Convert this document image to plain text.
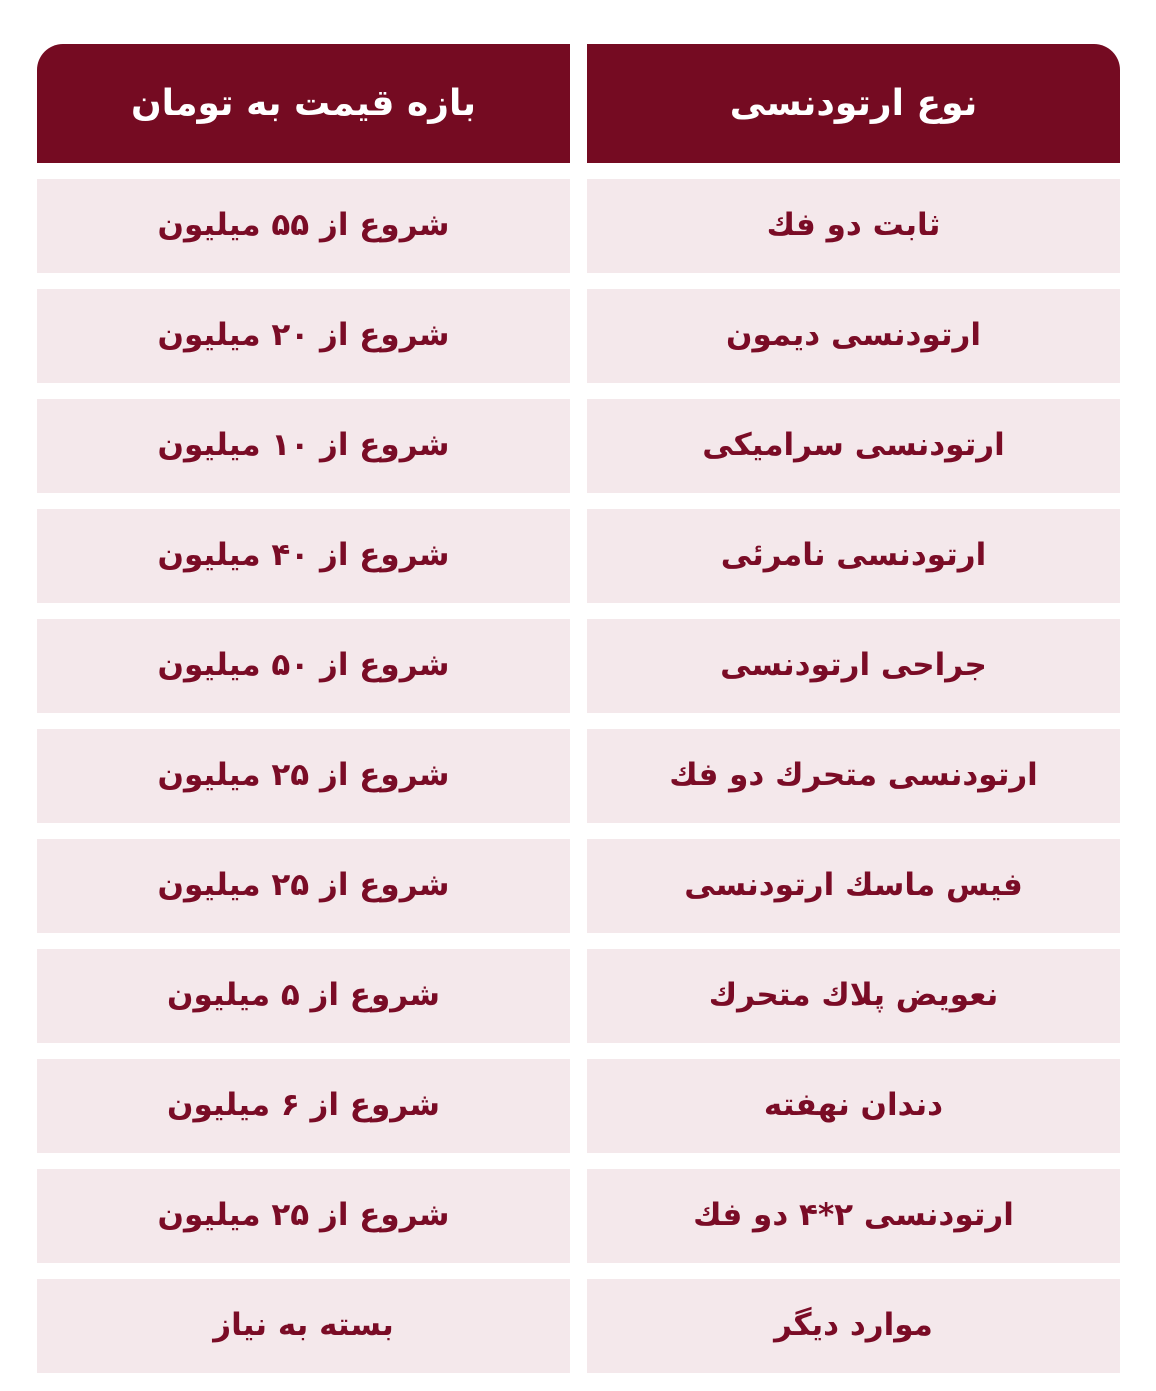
نوع ارتودنسی
بازه قیمت به تومان
ثابت دو فك
شروع از ۵۵ میلیون
ارتودنسی دیمون
شروع از ۲۰ میلیون
ارتودنسی سرامیکی
شروع از ۱۰ میلیون
ارتودنسی نامرئی
شروع از ۴۰ میلیون
جراحی ارتودنسی
شروع از ۵۰ میلیون
ارتودنسی متحرك دو فك
شروع از ۲۵ میلیون
فیس ماسك ارتودنسی
شروع از ۲۵ میلیون
نعویض پلاك متحرك
شروع از ۵ میلیون
دندان نهفته
شروع از ۶ میلیون
ارتودنسی ۲*۴ دو فك
شروع از ۲۵ میلیون
موارد دیگر
بسته به نیاز
